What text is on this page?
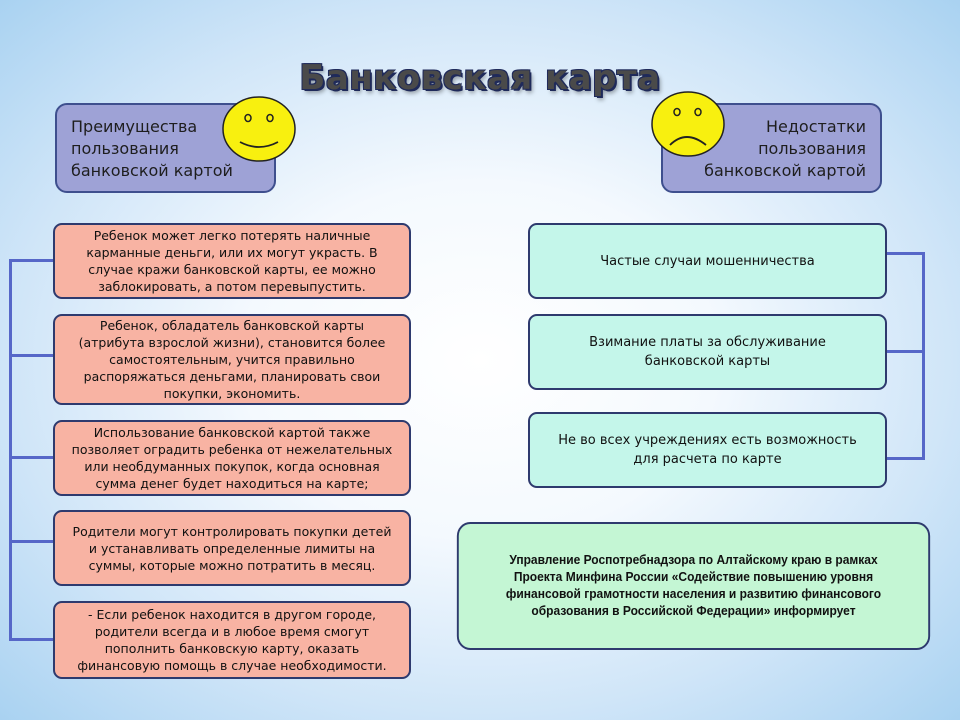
Банковская карта
Преимущества
пользования
банковской картой
Недостатки
пользования
банковской картой
Ребенок может легко потерять наличные
карманные деньги, или их могут украсть. В
случае кражи банковской карты, ее можно
заблокировать, а потом перевыпустить.
Ребенок, обладатель банковской карты
(атрибута взрослой жизни), становится более
самостоятельным, учится правильно
распоряжаться деньгами, планировать свои
покупки, экономить.
Использование банковской картой также
позволяет оградить ребенка от нежелательных
или необдуманных покупок, когда основная
сумма денег будет находиться на карте;
Родители могут контролировать покупки детей
и устанавливать определенные лимиты на
суммы, которые можно потратить в месяц.
- Если ребенок находится в другом городе,
родители всегда и в любое время смогут
пополнить банковскую карту, оказать
финансовую помощь в случае необходимости.
Частые случаи мошенничества
Взимание платы за обслуживание
банковской карты
Не во всех учреждениях есть возможность
для расчета по карте
Управление Роспотребнадзора по Алтайскому краю в рамках
Проекта Минфина России «Содействие повышению уровня
финансовой грамотности населения и развитию финансового
образования в Российской Федерации» информирует
